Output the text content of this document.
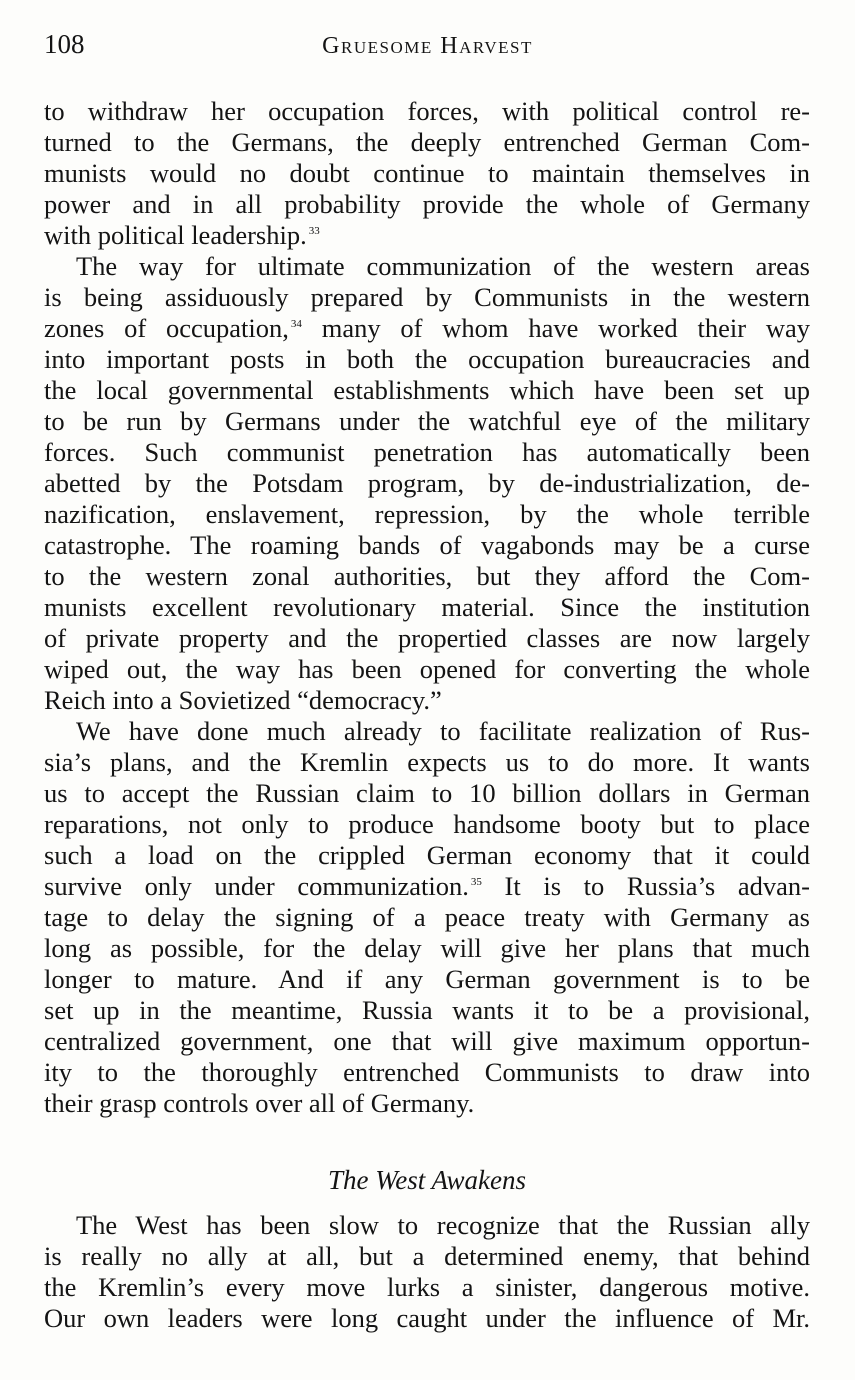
108	Gruesome Harvest
to withdraw her occupation forces, with political control re-
turned to the Germans, the deeply entrenched German Com-
munists would no doubt continue to maintain themselves in
power and in all probability provide the whole of Germany
with political leadership. $^{33}$
The way for ultimate communization of the western areas
is being assiduously prepared by Communists in the western
zones of occupation, $^{34}$ many of whom have worked their way
into important posts in both the occupation bureaucracies and
the local governmental establishments which have been set up
to be run by Germans under the watchful eye of the military
forces. Such communist penetration has automatically been
abetted by the Potsdam program, by de-industrialization, de-
nazification, enslavement, repression, by the whole terrible
catastrophe. The roaming bands of vagabonds may be a curse
to the western zonal authorities, but they afford the Com-
munists excellent revolutionary material. Since the institution
of private property and the propertied classes are now largely
wiped out, the way has been opened for converting the whole
Reich into a Sovietized “democracy.”
We have done much already to facilitate realization of Rus-
sia’s plans, and the Kremlin expects us to do more. It wants
us to accept the Russian claim to 10 billion dollars in German
reparations, not only to produce handsome booty but to place
such a load on the crippled German economy that it could
survive only under communization. $^{35}$ It is to Russia’s advan-
tage to delay the signing of a peace treaty with Germany as
long as possible, for the delay will give her plans that much
longer to mature. And if any German government is to be
set up in the meantime, Russia wants it to be a provisional,
centralized government, one that will give maximum opportun-
ity to the thoroughly entrenched Communists to draw into
their grasp controls over all of Germany.
The West Awakens
The West has been slow to recognize that the Russian ally
is really no ally at all, but a determined enemy, that behind
the Kremlin’s every move lurks a sinister, dangerous motive.
Our own leaders were long caught under the influence of Mr.
